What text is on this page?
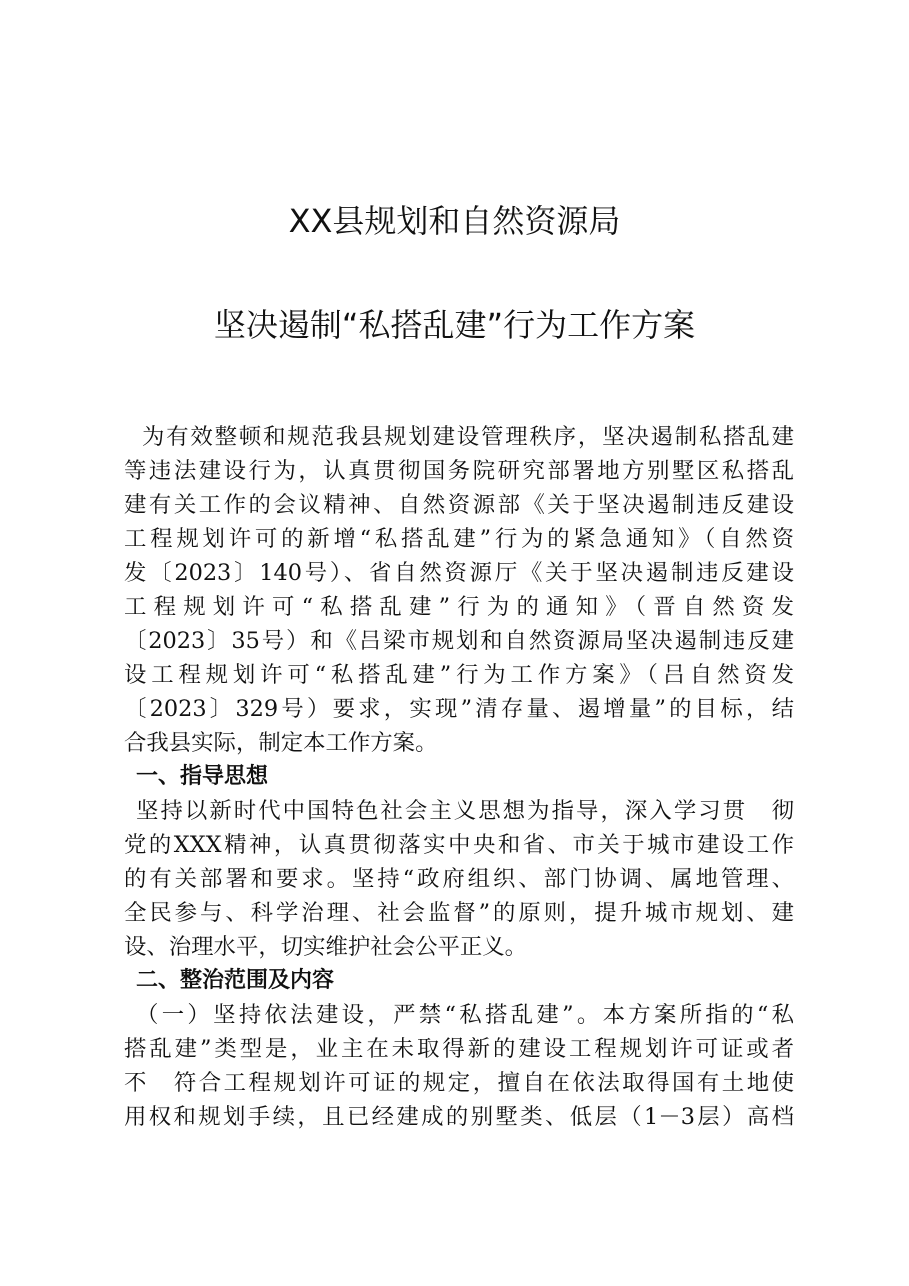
XX县规划和自然资源局
坚决遏制“私搭乱建”行为工作方案
为有效整顿和规范我县规划建设管理秩序，坚决遏制私搭乱建
等违法建设行为，认真贯彻国务院研究部署地方别墅区私搭乱
建有关工作的会议精神、自然资源部《关于坚决遏制违反建设
工程规划许可的新增“私搭乱建”行为的紧急通知》（自然资
发〔2023〕140号）、省自然资源厅《关于坚决遏制违反建设
工程规划许可“私搭乱建”行为的通知》（晋自然资发
〔2023〕35号）和《吕梁市规划和自然资源局坚决遏制违反建
设工程规划许可“私搭乱建”行为工作方案》（吕自然资发
〔2023〕329号）要求，实现”清存量、遏增量”的目标，结
合我县实际，制定本工作方案。
一、指导思想
坚持以新时代中国特色社会主义思想为指导，深入学习贯　彻
党的XXX精神，认真贯彻落实中央和省、市关于城市建设工作
的有关部署和要求。坚持“政府组织、部门协调、属地管理、
全民参与、科学治理、社会监督”的原则，提升城市规划、建
设、治理水平，切实维护社会公平正义。
二、整治范围及内容
（一）坚持依法建设，严禁“私搭乱建”。本方案所指的“私
搭乱建”类型是，业主在未取得新的建设工程规划许可证或者
不　符合工程规划许可证的规定，擅自在依法取得国有土地使
用权和规划手续，且已经建成的别墅类、低层（1－3层）高档
